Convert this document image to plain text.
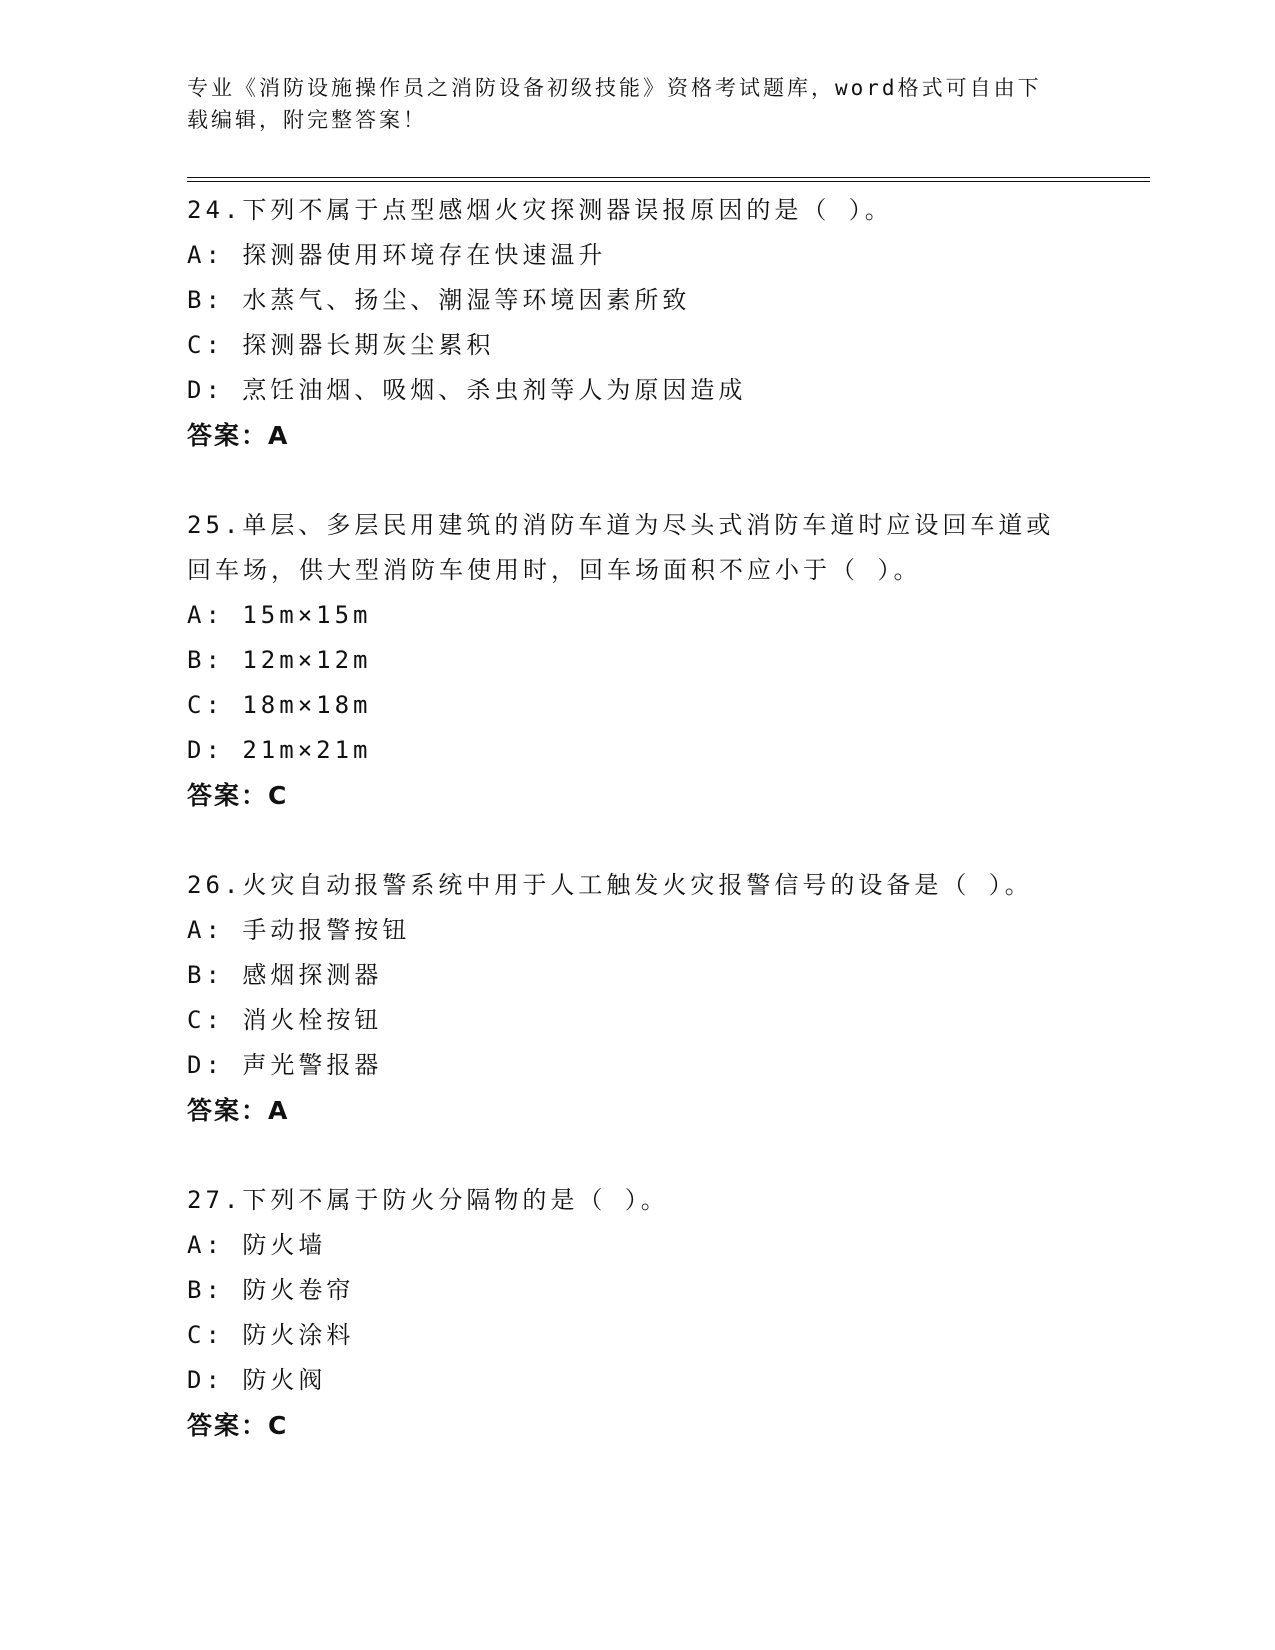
专业《消防设施操作员之消防设备初级技能》资格考试题库，word格式可自由下
载编辑，附完整答案！
24.下列不属于点型感烟火灾探测器误报原因的是（ ）。
A: 探测器使用环境存在快速温升
B: 水蒸气、扬尘、潮湿等环境因素所致
C: 探测器长期灰尘累积
D: 烹饪油烟、吸烟、杀虫剂等人为原因造成
答案：A
25.单层、多层民用建筑的消防车道为尽头式消防车道时应设回车道或
回车场，供大型消防车使用时，回车场面积不应小于（ ）。
A: 15m×15m
B: 12m×12m
C: 18m×18m
D: 21m×21m
答案：C
26.火灾自动报警系统中用于人工触发火灾报警信号的设备是（ ）。
A: 手动报警按钮
B: 感烟探测器
C: 消火栓按钮
D: 声光警报器
答案：A
27.下列不属于防火分隔物的是（ ）。
A: 防火墙
B: 防火卷帘
C: 防火涂料
D: 防火阀
答案：C
